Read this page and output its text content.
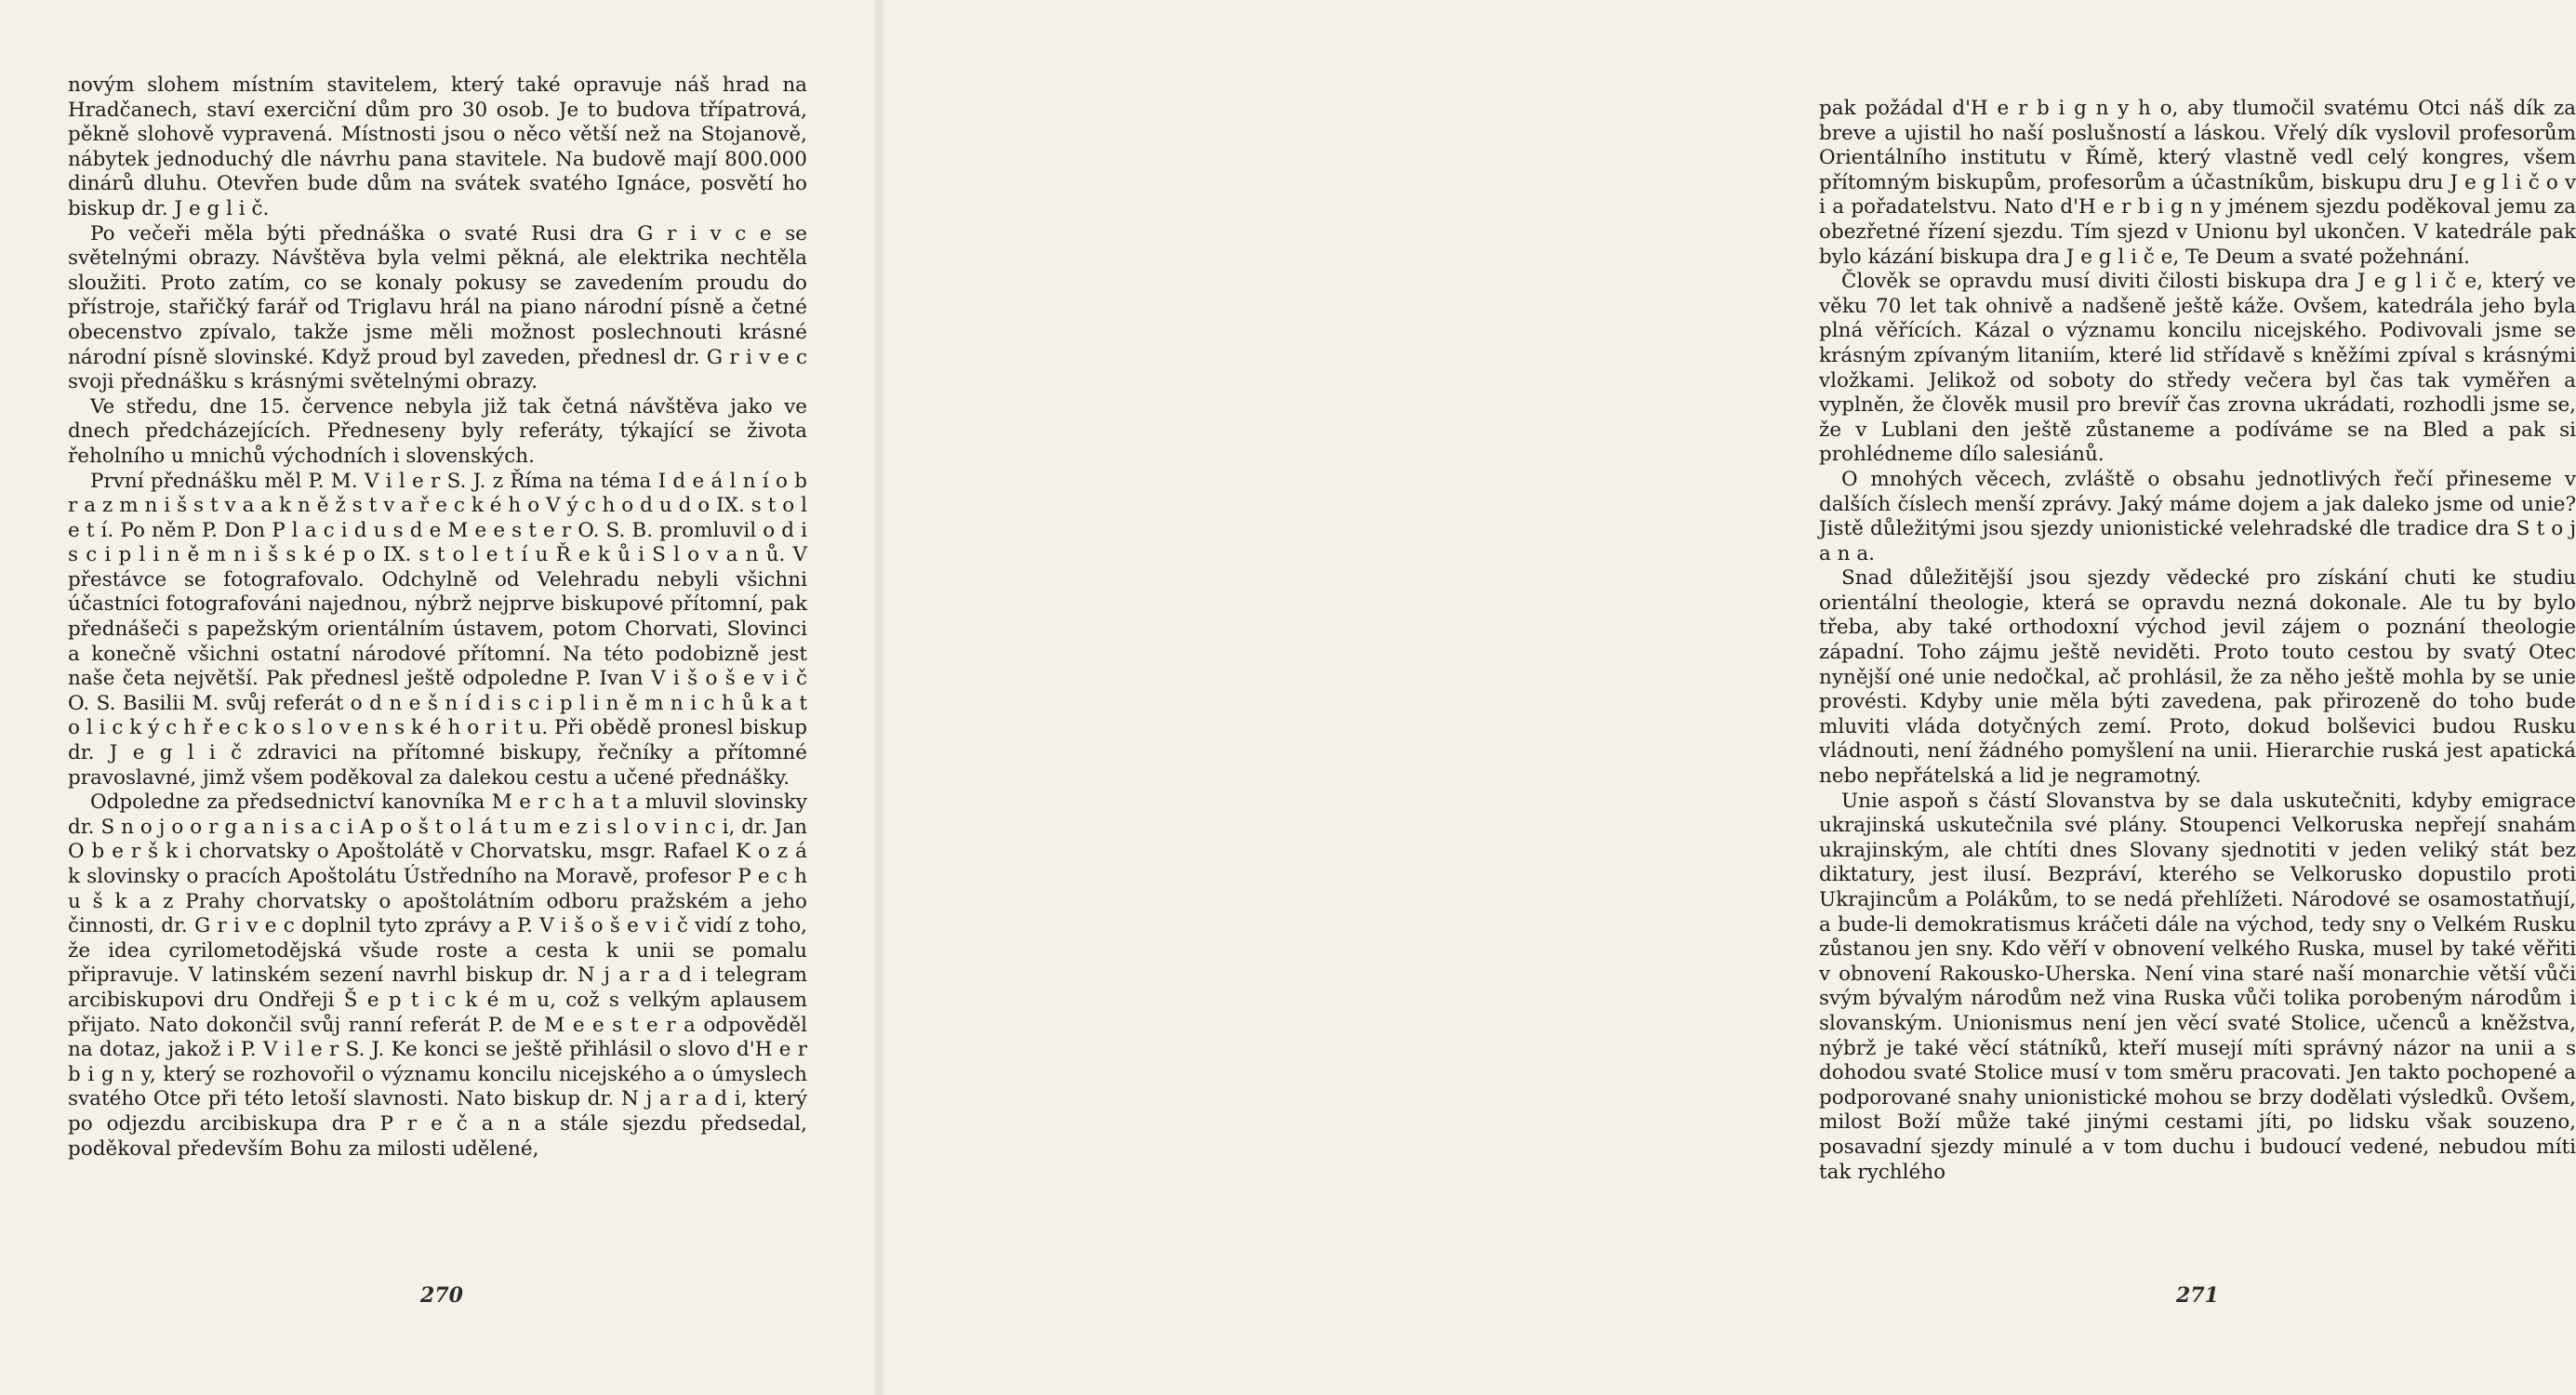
novým slohem místním stavitelem, který také opravuje náš hrad na Hradčanech, staví exerciční dům pro 30 osob. Je to budova třípatrová, pěkně slohově vypravená. Místnosti jsou o něco větší než na Stojanově, nábytek jednoduchý dle návrhu pana stavitele. Na budově mají 800.000 dinárů dluhu. Otevřen bude dům na svátek svatého Ignáce, posvětí ho biskup dr. J e g l i č.

Po večeři měla býti přednáška o svaté Rusi dra G r i v c e se světelnými obrazy. Návštěva byla velmi pěkná, ale elektrika nechtěla sloužiti. Proto zatím, co se konaly pokusy se zavedením proudu do přístroje, stařičký farář od Triglavu hrál na piano národní písně a četné obecenstvo zpívalo, takže jsme měli možnost poslechnouti krásné národní písně slovinské. Když proud byl zaveden, přednesl dr. G r i v e c svoji přednášku s krásnými světelnými obrazy.

Ve středu, dne 15. července nebyla již tak četná návštěva jako ve dnech předcházejících. Předneseny byly referáty, týkající se života řeholního u mnichů východních i slovenských.

První přednášku měl P. M. V i l e r S. J. z Říma na téma I d e á l n í o b r a z m n i š s t v a a k n ě ž s t v a ř e c k é h o V ý c h o d u d o IX. s t o l e t í. Po něm P. Don P l a c i d u s d e M e e s t e r O. S. B. promluvil o d i s c i p l i n ě m n i š s k é p o IX. s t o l e t í u Ř e k ů i S l o v a n ů. V přestávce se fotografovalo. Odchylně od Velehradu nebyli všichni účastníci fotografováni najednou, nýbrž nejprve biskupové přítomní, pak přednášeči s papežským orientálním ústavem, potom Chorvati, Slovinci a konečně všichni ostatní národové přítomní. Na této podobizně jest naše četa největší. Pak přednesl ještě odpoledne P. Ivan V i š o š e v i č O. S. Basilii M. svůj referát o d n e š n í d i s c i p l i n ě m n i c h ů k a t o l i c k ý c h ř e c k o s l o v e n s k é h o r i t u. Při obědě pronesl biskup dr. J e g l i č zdravici na přítomné biskupy, řečníky a přítomné pravoslavné, jimž všem poděkoval za dalekou cestu a učené přednášky.

Odpoledne za předsednictví kanovníka M e r c h a t a mluvil slovinsky dr. S n o j o o r g a n i s a c i A p o š t o l á t u m e z i s l o v i n c i, dr. Jan O b e r š k i chorvatsky o Apoštolátě v Chorvatsku, msgr. Rafael K o z á k slovinsky o pracích Apoštolátu Ústředního na Moravě, profesor P e c h u š k a z Prahy chorvatsky o apoštolátním odboru pražském a jeho činnosti, dr. G r i v e c doplnil tyto zprávy a P. V i š o š e v i č vidí z toho, že idea cyrilometodějská všude roste a cesta k unii se pomalu připravuje. V latinském sezení navrhl biskup dr. N j a r a d i telegram arcibiskupovi dru Ondřeji Š e p t i c k é m u, což s velkým aplausem přijato. Nato dokončil svůj ranní referát P. de M e e s t e r a odpověděl na dotaz, jakož i P. V i l e r S. J. Ke konci se ještě přihlásil o slovo d'H e r b i g n y, který se rozhovořil o významu koncilu nicejského a o úmyslech svatého Otce při této letoší slavnosti. Nato biskup dr. N j a r a d i, který po odjezdu arcibiskupa dra P r e č a n a stále sjezdu předsedal, poděkoval především Bohu za milosti udělené,

270

pak požádal d'H e r b i g n y h o, aby tlumočil svatému Otci náš dík za breve a ujistil ho naší poslušností a láskou. Vřelý dík vyslovil profesorům Orientálního institutu v Římě, který vlastně vedl celý kongres, všem přítomným biskupům, profesorům a účastníkům, biskupu dru J e g l i č o v i a pořadatelstvu. Nato d'H e r b i g n y jménem sjezdu poděkoval jemu za obezřetné řízení sjezdu. Tím sjezd v Unionu byl ukončen. V katedrále pak bylo kázání biskupa dra J e g l i č e, Te Deum a svaté požehnání.

Člověk se opravdu musí diviti čilosti biskupa dra J e g l i č e, který ve věku 70 let tak ohnivě a nadšeně ještě káže. Ovšem, katedrála jeho byla plná věřících. Kázal o významu koncilu nicejského. Podivovali jsme se krásným zpívaným litaniím, které lid střídavě s kněžími zpíval s krásnými vložkami. Jelikož od soboty do středy večera byl čas tak vyměřen a vyplněn, že člověk musil pro brevíř čas zrovna ukrádati, rozhodli jsme se, že v Lublani den ještě zůstaneme a podíváme se na Bled a pak si prohlédneme dílo salesiánů.

O mnohých věcech, zvláště o obsahu jednotlivých řečí přineseme v dalších číslech menší zprávy. Jaký máme dojem a jak daleko jsme od unie? Jistě důležitými jsou sjezdy unionistické velehradské dle tradice dra S t o j a n a.

Snad důležitější jsou sjezdy vědecké pro získání chuti ke studiu orientální theologie, která se opravdu nezná dokonale. Ale tu by bylo třeba, aby také orthodoxní východ jevil zájem o poznání theologie západní. Toho zájmu ještě neviděti. Proto touto cestou by svatý Otec nynější oné unie nedočkal, ač prohlásil, že za něho ještě mohla by se unie provésti. Kdyby unie měla býti zavedena, pak přirozeně do toho bude mluviti vláda dotyčných zemí. Proto, dokud bolševici budou Rusku vládnouti, není žádného pomyšlení na unii. Hierarchie ruská jest apatická nebo nepřátelská a lid je negramotný.

Unie aspoň s částí Slovanstva by se dala uskutečniti, kdyby emigrace ukrajinská uskutečnila své plány. Stoupenci Velkoruska nepřejí snahám ukrajinským, ale chtíti dnes Slovany sjednotiti v jeden veliký stát bez diktatury, jest ilusí. Bezpráví, kterého se Velkorusko dopustilo proti Ukrajincům a Polákům, to se nedá přehlížeti. Národové se osamostatňují, a bude-li demokratismus kráčeti dále na východ, tedy sny o Velkém Rusku zůstanou jen sny. Kdo věří v obnovení velkého Ruska, musel by také věřiti v obnovení Rakousko-Uherska. Není vina staré naší monarchie větší vůči svým bývalým národům než vina Ruska vůči tolika porobeným národům i slovanským. Unionismus není jen věcí svaté Stolice, učenců a kněžstva, nýbrž je také věcí státníků, kteří musejí míti správný názor na unii a s dohodou svaté Stolice musí v tom směru pracovati. Jen takto pochopené a podporované snahy unionistické mohou se brzy dodělati výsledků. Ovšem, milost Boží může také jinými cestami jíti, po lidsku však souzeno, posavadní sjezdy minulé a v tom duchu i budoucí vedené, nebudou míti tak rychlého

271
